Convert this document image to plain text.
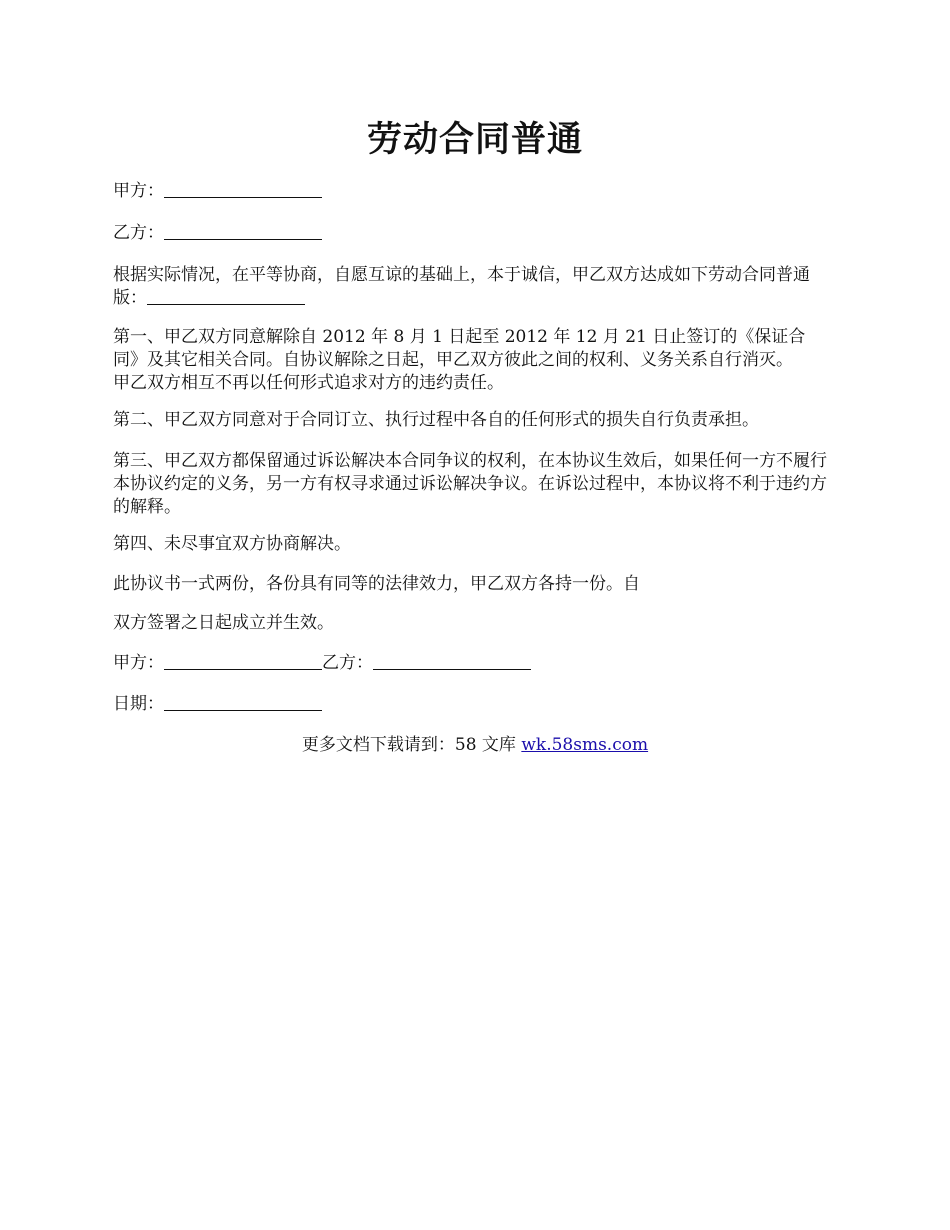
劳动合同普通

甲方：

乙方：

根据实际情况，在平等协商，自愿互谅的基础上，本于诚信，甲乙双方达成如下劳动合同普通版：

第一、甲乙双方同意解除自 2012 年 8 月 1 日起至 2012 年 12 月 21 日止签订的《保证合
同》及其它相关合同。自协议解除之日起，甲乙双方彼此之间的权利、义务关系自行消灭。
甲乙双方相互不再以任何形式追求对方的违约责任。

第二、甲乙双方同意对于合同订立、执行过程中各自的任何形式的损失自行负责承担。

第三、甲乙双方都保留通过诉讼解决本合同争议的权利，在本协议生效后，如果任何一方不履行本协议约定的义务，另一方有权寻求通过诉讼解决争议。在诉讼过程中，本协议将不利于违约方的解释。

第四、未尽事宜双方协商解决。

此协议书一式两份，各份具有同等的法律效力，甲乙双方各持一份。自

双方签署之日起成立并生效。

甲方：	乙方：

日期：

更多文档下载请到：58 文库 wk.58sms.com
